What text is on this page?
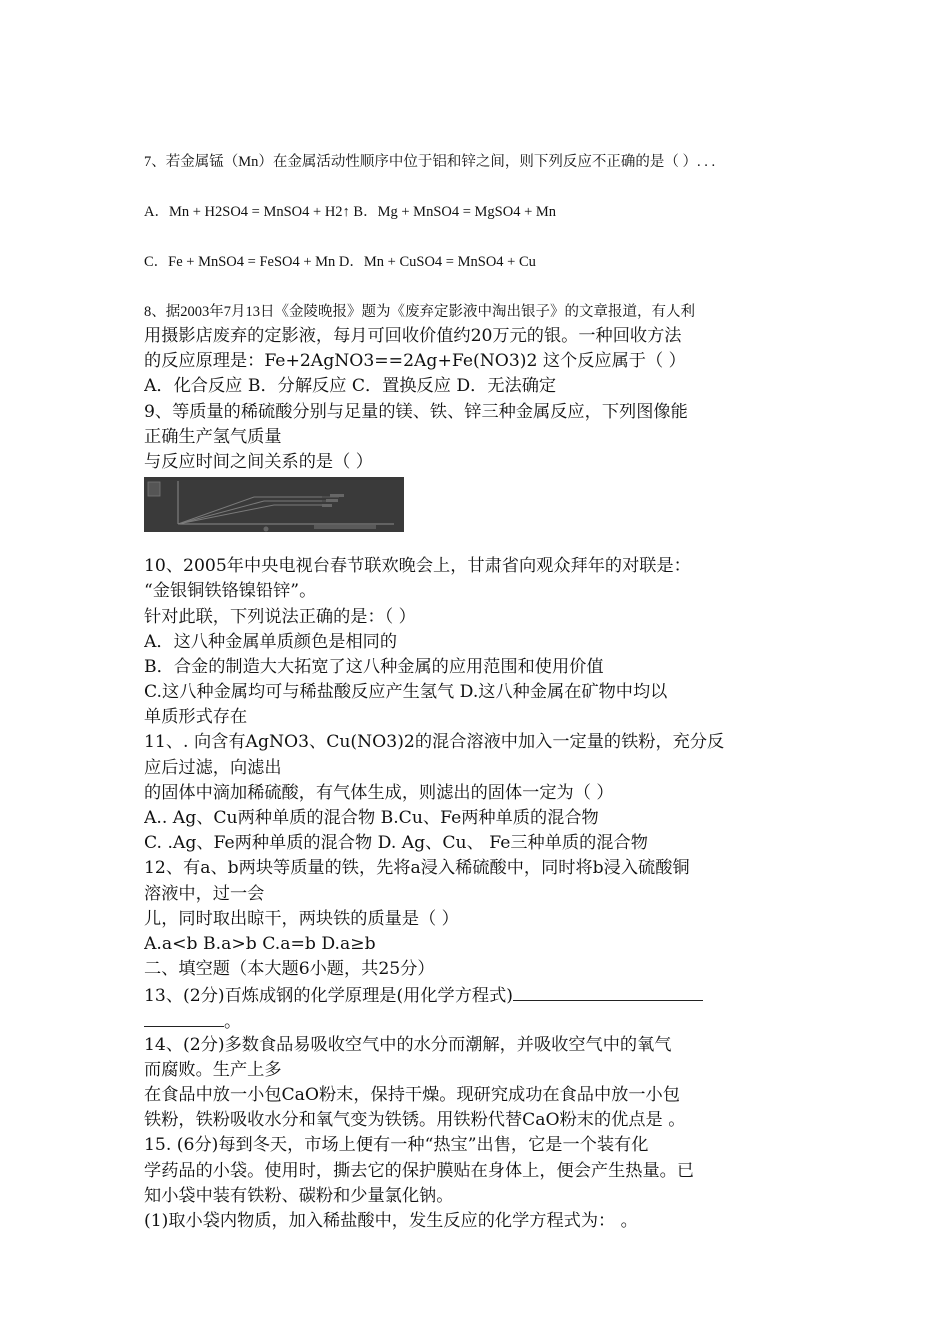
7、若金属锰（Mn）在金属活动性顺序中位于铝和锌之间，则下列反应不正确的是（ ）. . .
A．Mn + H2SO4 = MnSO4 + H2↑ B．Mg + MnSO4 = MgSO4 + Mn
C．Fe + MnSO4 = FeSO4 + Mn D．Mn + CuSO4 = MnSO4 + Cu
8、据2003年7月13日《金陵晚报》题为《废弃定影液中淘出银子》的文章报道，有人利
用摄影店废弃的定影液，每月可回收价值约20万元的银。一种回收方法
的反应原理是：Fe+2AgNO3==2Ag+Fe(NO3)2 这个反应属于（ ）
A．化合反应 B．分解反应 C．置换反应 D．无法确定
9、等质量的稀硫酸分别与足量的镁、铁、锌三种金属反应，下列图像能
正确生产氢气质量
与反应时间之间关系的是（ ）
10、2005年中央电视台春节联欢晚会上，甘肃省向观众拜年的对联是：
“金银铜铁铬镍铅锌”。
针对此联，下列说法正确的是：（ ）
A．这八种金属单质颜色是相同的
B．合金的制造大大拓宽了这八种金属的应用范围和使用价值
C.这八种金属均可与稀盐酸反应产生氢气 D.这八种金属在矿物中均以
单质形式存在
11、. 向含有AgNO3、Cu(NO3)2的混合溶液中加入一定量的铁粉，充分反
应后过滤，向滤出
的固体中滴加稀硫酸，有气体生成，则滤出的固体一定为（ ）
A.. Ag、Cu两种单质的混合物 B.Cu、Fe两种单质的混合物
C. .Ag、Fe两种单质的混合物 D. Ag、Cu、 Fe三种单质的混合物
12、有a、b两块等质量的铁，先将a浸入稀硫酸中，同时将b浸入硫酸铜
溶液中，过一会
儿，同时取出晾干，两块铁的质量是（ ）
A.a<b B.a>b C.a=b D.a≥b
二、填空题（本大题6小题，共25分）
13、(2分)百炼成钢的化学原理是(用化学方程式)
。
14、(2分)多数食品易吸收空气中的水分而潮解，并吸收空气中的氧气
而腐败。生产上多
在食品中放一小包CaO粉末，保持干燥。现研究成功在食品中放一小包
铁粉，铁粉吸收水分和氧气变为铁锈。用铁粉代替CaO粉末的优点是 。
15. (6分)每到冬天，市场上便有一种“热宝”出售，它是一个装有化
学药品的小袋。使用时，撕去它的保护膜贴在身体上，便会产生热量。已
知小袋中装有铁粉、碳粉和少量氯化钠。
(1)取小袋内物质，加入稀盐酸中，发生反应的化学方程式为： 。
